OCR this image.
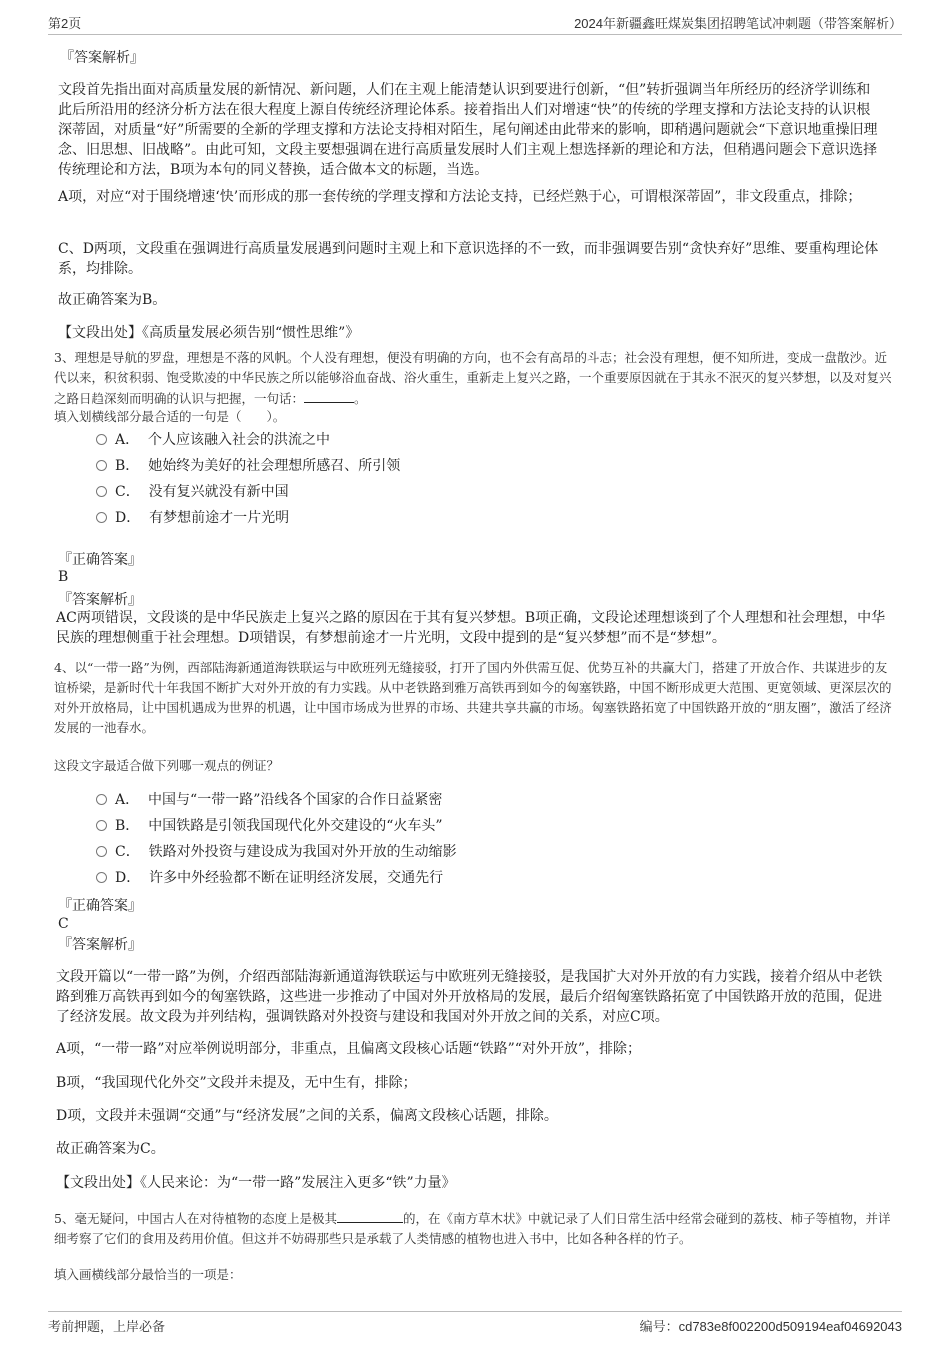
第2页	2024年新疆鑫旺煤炭集团招聘笔试冲刺题（带答案解析）
『答案解析』

文段首先指出面对高质量发展的新情况、新问题，人们在主观上能清楚认识到要进行创新，“但”转折强调当年所经历的经济学训练和此后所沿用的经济分析方法在很大程度上源自传统经济理论体系。接着指出人们对增速“快”的传统的学理支撑和方法论支持的认识根深蒂固，对质量“好”所需要的全新的学理支撑和方法论支持相对陌生，尾句阐述由此带来的影响，即稍遇问题就会“下意识地重操旧理念、旧思想、旧战略”。由此可知，文段主要想强调在进行高质量发展时人们主观上想选择新的理论和方法，但稍遇问题会下意识选择传统理论和方法，B项为本句的同义替换，适合做本文的标题，当选。

A项，对应“对于围绕增速‘快’而形成的那一套传统的学理支撑和方法论支持，已经烂熟于心，可谓根深蒂固”，非文段重点，排除；

C、D两项，文段重在强调进行高质量发展遇到问题时主观上和下意识选择的不一致，而非强调要告别“贪快弃好”思维、要重构理论体系，均排除。

故正确答案为B。

【文段出处】《高质量发展必须告别“惯性思维”》

3、理想是导航的罗盘，理想是不落的风帆。个人没有理想，便没有明确的方向，也不会有高昂的斗志；社会没有理想，便不知所进，变成一盘散沙。近代以来，积贫积弱、饱受欺凌的中华民族之所以能够浴血奋战、浴火重生，重新走上复兴之路，一个重要原因就在于其永不泯灭的复兴梦想，以及对复兴之路日趋深刻而明确的认识与把握，一句话：	。

填入划横线部分最合适的一句是（　　）。

A． 个人应该融入社会的洪流之中
B． 她始终为美好的社会理想所感召、所引领
C． 没有复兴就没有新中国
D． 有梦想前途才一片光明
『正确答案』
B
『答案解析』

AC两项错误，文段谈的是中华民族走上复兴之路的原因在于其有复兴梦想。B项正确，文段论述理想谈到了个人理想和社会理想，中华民族的理想侧重于社会理想。D项错误，有梦想前途才一片光明，文段中提到的是“复兴梦想”而不是“梦想”。

4、以“一带一路”为例，西部陆海新通道海铁联运与中欧班列无缝接驳，打开了国内外供需互促、优势互补的共赢大门，搭建了开放合作、共谋进步的友谊桥梁，是新时代十年我国不断扩大对外开放的有力实践。从中老铁路到雅万高铁再到如今的匈塞铁路，中国不断形成更大范围、更宽领域、更深层次的对外开放格局，让中国机遇成为世界的机遇，让中国市场成为世界的市场、共建共享共赢的市场。匈塞铁路拓宽了中国铁路开放的“朋友圈”，激活了经济发展的一池春水。

这段文字最适合做下列哪一观点的例证？

A． 中国与“一带一路”沿线各个国家的合作日益紧密
B． 中国铁路是引领我国现代化外交建设的“火车头”
C． 铁路对外投资与建设成为我国对外开放的生动缩影
D． 许多中外经验都不断在证明经济发展，交通先行
『正确答案』
C
『答案解析』

文段开篇以“一带一路”为例，介绍西部陆海新通道海铁联运与中欧班列无缝接驳，是我国扩大对外开放的有力实践，接着介绍从中老铁路到雅万高铁再到如今的匈塞铁路，这些进一步推动了中国对外开放格局的发展，最后介绍匈塞铁路拓宽了中国铁路开放的范围，促进了经济发展。故文段为并列结构，强调铁路对外投资与建设和我国对外开放之间的关系，对应C项。

A项，“一带一路”对应举例说明部分，非重点，且偏离文段核心话题“铁路”“对外开放”，排除；

B项，“我国现代化外交”文段并未提及，无中生有，排除；

D项，文段并未强调“交通”与“经济发展”之间的关系，偏离文段核心话题，排除。

故正确答案为C。

【文段出处】《人民来论：为“一带一路”发展注入更多“铁”力量》

5、毫无疑问，中国古人在对待植物的态度上是极其	的，在《南方草木状》中就记录了人们日常生活中经常会碰到的荔枝、柿子等植物，并详细考察了它们的食用及药用价值。但这并不妨碍那些只是承载了人类情感的植物也进入书中，比如各种各样的竹子。

填入画横线部分最恰当的一项是：

考前押题，上岸必备	编号：cd783e8f002200d509194eaf04692043
